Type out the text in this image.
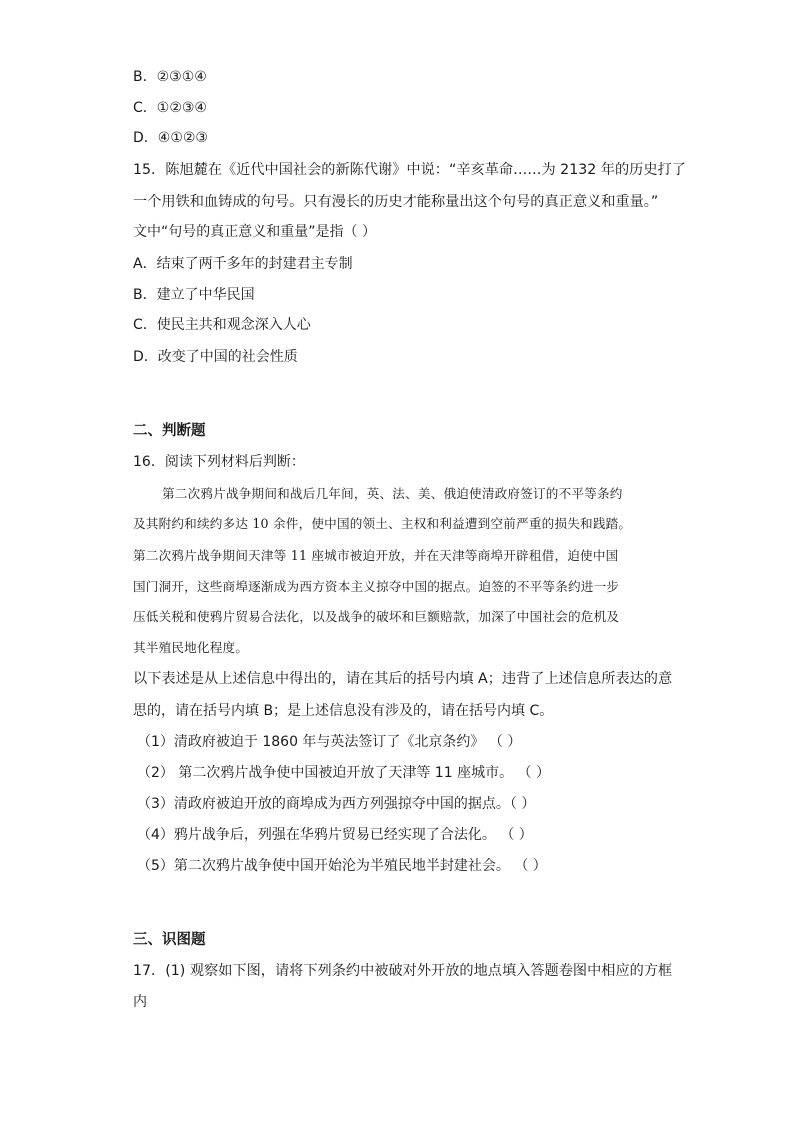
B．②③①④
C．①②③④
D．④①②③
15．陈旭麓在《近代中国社会的新陈代谢》中说：“辛亥革命……为 2132 年的历史打了
一个用铁和血铸成的句号。只有漫长的历史才能称量出这个句号的真正意义和重量。”
文中“句号的真正意义和重量”是指（ ）
A．结束了两千多年的封建君主专制
B．建立了中华民国
C．使民主共和观念深入人心
D．改变了中国的社会性质
二、判断题
16．阅读下列材料后判断：
第二次鸦片战争期间和战后几年间，英、法、美、俄迫使清政府签订的不平等条约
及其附约和续约多达 10 余件，使中国的领土、主权和利益遭到空前严重的损失和践踏。
第二次鸦片战争期间天津等 11 座城市被迫开放，并在天津等商埠开辟租借，迫使中国
国门洞开，这些商埠逐渐成为西方资本主义掠夺中国的据点。迫签的不平等条约进一步
压低关税和使鸦片贸易合法化，以及战争的破坏和巨额赔款，加深了中国社会的危机及
其半殖民地化程度。
以下表述是从上述信息中得出的，请在其后的括号内填 A；违背了上述信息所表达的意
思的，请在括号内填 B；是上述信息没有涉及的，请在括号内填 C。
（1）清政府被迫于 1860 年与英法签订了《北京条约》 （ ）
（2） 第二次鸦片战争使中国被迫开放了天津等 11 座城市。 （ ）
（3）清政府被迫开放的商埠成为西方列强掠夺中国的据点。（ ）
（4）鸦片战争后，列强在华鸦片贸易已经实现了合法化。 （ ）
（5）第二次鸦片战争使中国开始沦为半殖民地半封建社会。 （ ）
三、识图题
17．(1) 观察如下图，请将下列条约中被破对外开放的地点填入答题卷图中相应的方框
内
